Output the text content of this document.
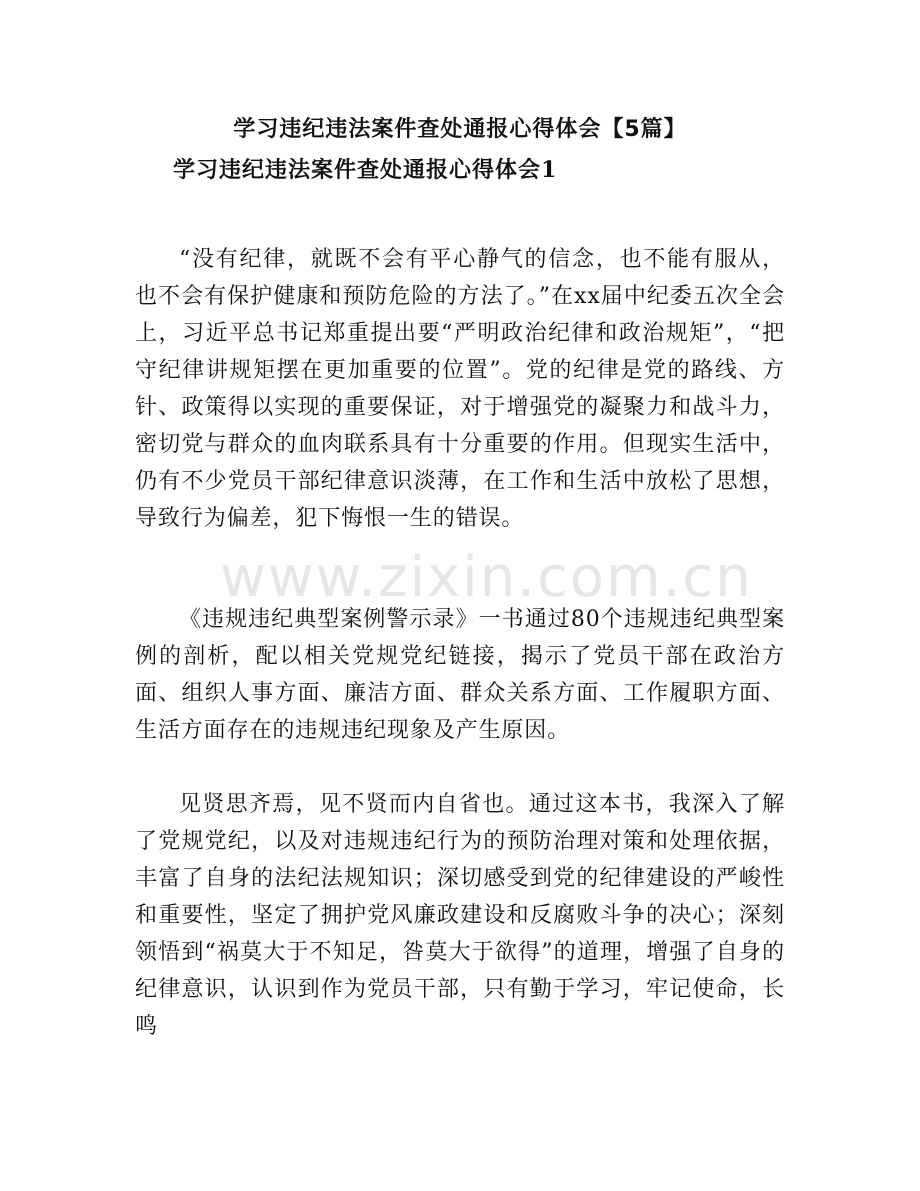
www.zixin.com.cn
学习违纪违法案件查处通报心得体会【5篇】
学习违纪违法案件查处通报心得体会1

“没有纪律，就既不会有平心静气的信念，也不能有服从，也不会有保护健康和预防危险的方法了。”在xx届中纪委五次全会上，习近平总书记郑重提出要“严明政治纪律和政治规矩”，“把守纪律讲规矩摆在更加重要的位置”。党的纪律是党的路线、方针、政策得以实现的重要保证，对于增强党的凝聚力和战斗力，密切党与群众的血肉联系具有十分重要的作用。但现实生活中，仍有不少党员干部纪律意识淡薄，在工作和生活中放松了思想，导致行为偏差，犯下悔恨一生的错误。

《违规违纪典型案例警示录》一书通过80个违规违纪典型案例的剖析，配以相关党规党纪链接，揭示了党员干部在政治方面、组织人事方面、廉洁方面、群众关系方面、工作履职方面、生活方面存在的违规违纪现象及产生原因。

见贤思齐焉，见不贤而内自省也。通过这本书，我深入了解了党规党纪，以及对违规违纪行为的预防治理对策和处理依据，丰富了自身的法纪法规知识；深切感受到党的纪律建设的严峻性和重要性，坚定了拥护党风廉政建设和反腐败斗争的决心；深刻领悟到“祸莫大于不知足，咎莫大于欲得”的道理，增强了自身的纪律意识，认识到作为党员干部，只有勤于学习，牢记使命，长鸣
